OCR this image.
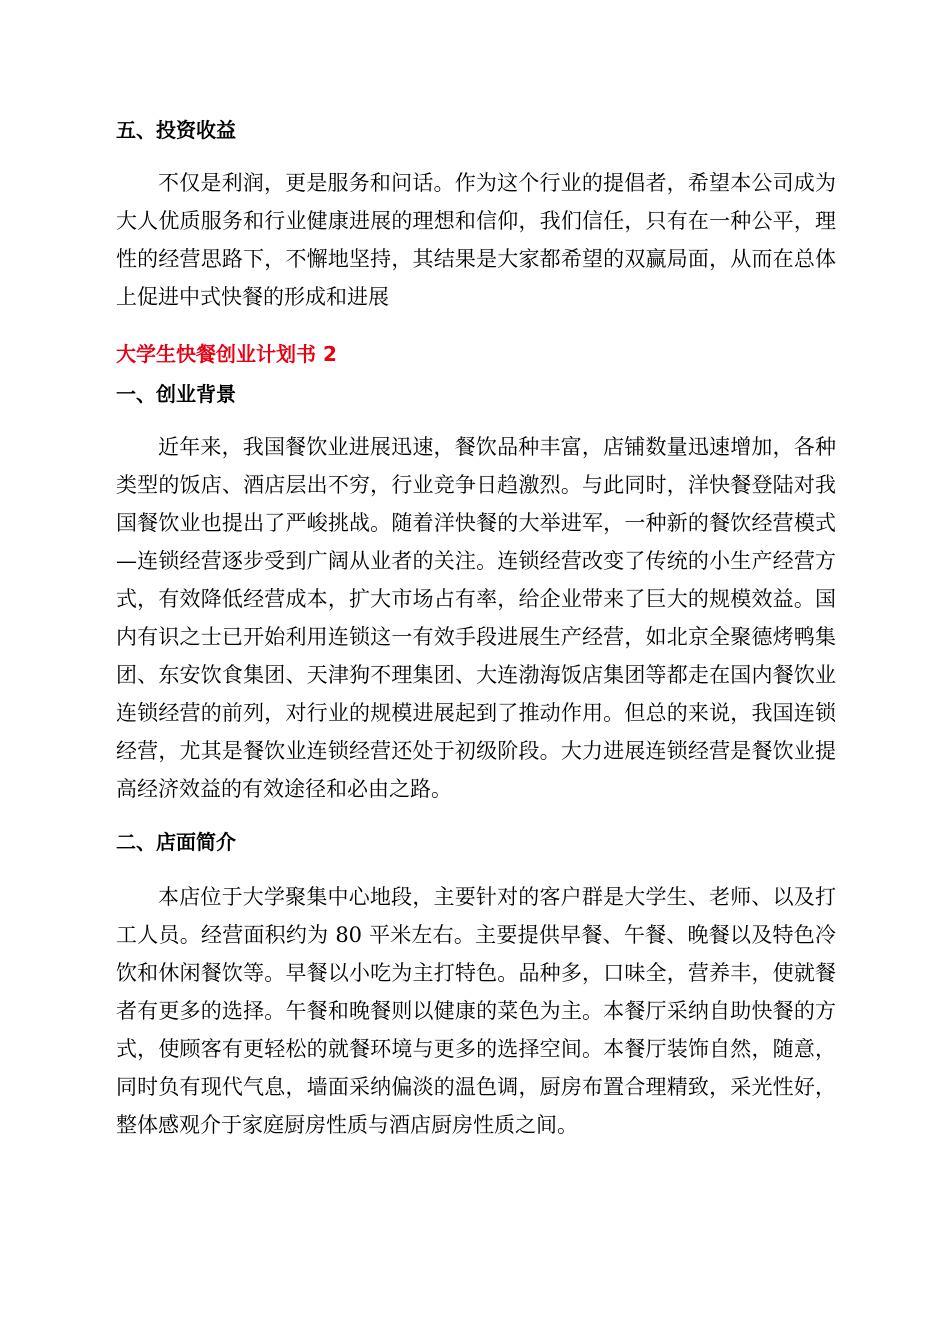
五、投资收益

不仅是利润，更是服务和问话。作为这个行业的提倡者，希望本公司成为大人优质服务和行业健康进展的理想和信仰，我们信任，只有在一种公平，理性的经营思路下，不懈地坚持，其结果是大家都希望的双赢局面，从而在总体上促进中式快餐的形成和进展

大学生快餐创业计划书 2
一、创业背景

近年来，我国餐饮业进展迅速，餐饮品种丰富，店铺数量迅速增加，各种类型的饭店、酒店层出不穷，行业竞争日趋激烈。与此同时，洋快餐登陆对我国餐饮业也提出了严峻挑战。随着洋快餐的大举进军，一种新的餐饮经营模式—连锁经营逐步受到广阔从业者的关注。连锁经营改变了传统的小生产经营方式，有效降低经营成本，扩大市场占有率，给企业带来了巨大的规模效益。国内有识之士已开始利用连锁这一有效手段进展生产经营，如北京全聚德烤鸭集团、东安饮食集团、天津狗不理集团、大连渤海饭店集团等都走在国内餐饮业连锁经营的前列，对行业的规模进展起到了推动作用。但总的来说，我国连锁经营，尤其是餐饮业连锁经营还处于初级阶段。大力进展连锁经营是餐饮业提高经济效益的有效途径和必由之路。

二、店面简介

本店位于大学聚集中心地段，主要针对的客户群是大学生、老师、以及打工人员。经营面积约为 80 平米左右。主要提供早餐、午餐、晚餐以及特色冷饮和休闲餐饮等。早餐以小吃为主打特色。品种多，口味全，营养丰，使就餐者有更多的选择。午餐和晚餐则以健康的菜色为主。本餐厅采纳自助快餐的方式，使顾客有更轻松的就餐环境与更多的选择空间。本餐厅装饰自然，随意，同时负有现代气息，墙面采纳偏淡的温色调，厨房布置合理精致，采光性好，整体感观介于家庭厨房性质与酒店厨房性质之间。
